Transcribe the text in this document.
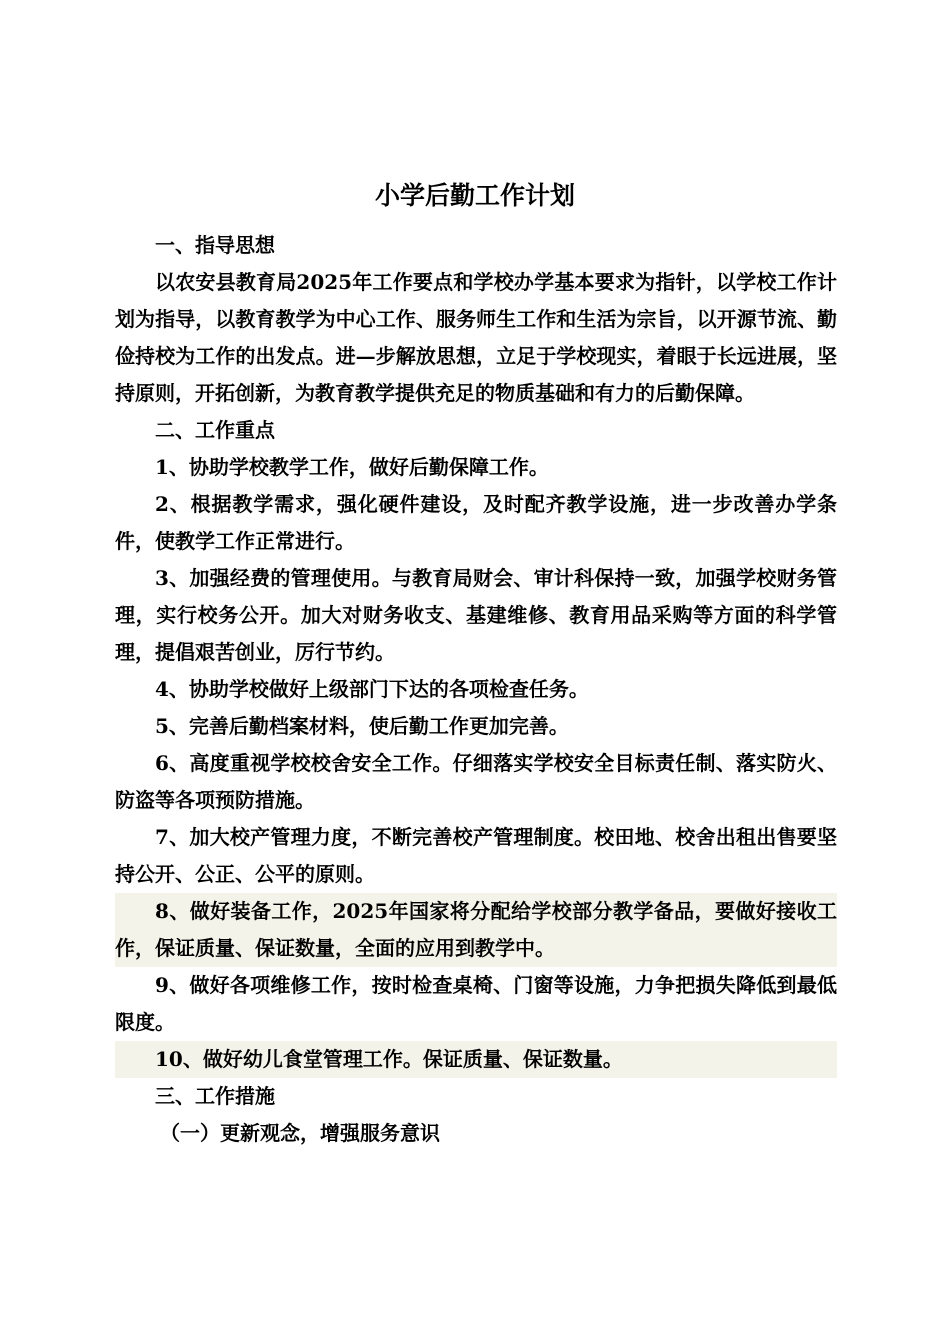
小学后勤工作计划

一、指导思想

以农安县教育局2025年工作要点和学校办学基本要求为指针，以学校工作计划为指导，以教育教学为中心工作、服务师生工作和生活为宗旨，以开源节流、勤俭持校为工作的出发点。进—步解放思想，立足于学校现实，着眼于长远进展，坚持原则，开拓创新，为教育教学提供充足的物质基础和有力的后勤保障。

二、工作重点

1、协助学校教学工作，做好后勤保障工作。

2、根据教学需求，强化硬件建设，及时配齐教学设施，进一步改善办学条件，使教学工作正常进行。

3、加强经费的管理使用。与教育局财会、审计科保持一致，加强学校财务管理，实行校务公开。加大对财务收支、基建维修、教育用品采购等方面的科学管理，提倡艰苦创业，厉行节约。

4、协助学校做好上级部门下达的各项检查任务。

5、完善后勤档案材料，使后勤工作更加完善。

6、高度重视学校校舍安全工作。仔细落实学校安全目标责任制、落实防火、防盗等各项预防措施。

7、加大校产管理力度，不断完善校产管理制度。校田地、校舍出租出售要坚持公开、公正、公平的原则。

8、做好装备工作，2025年国家将分配给学校部分教学备品，要做好接收工作，保证质量、保证数量，全面的应用到教学中。

9、做好各项维修工作，按时检查桌椅、门窗等设施，力争把损失降低到最低限度。

10、做好幼儿食堂管理工作。保证质量、保证数量。

三、工作措施

（一）更新观念，增强服务意识
